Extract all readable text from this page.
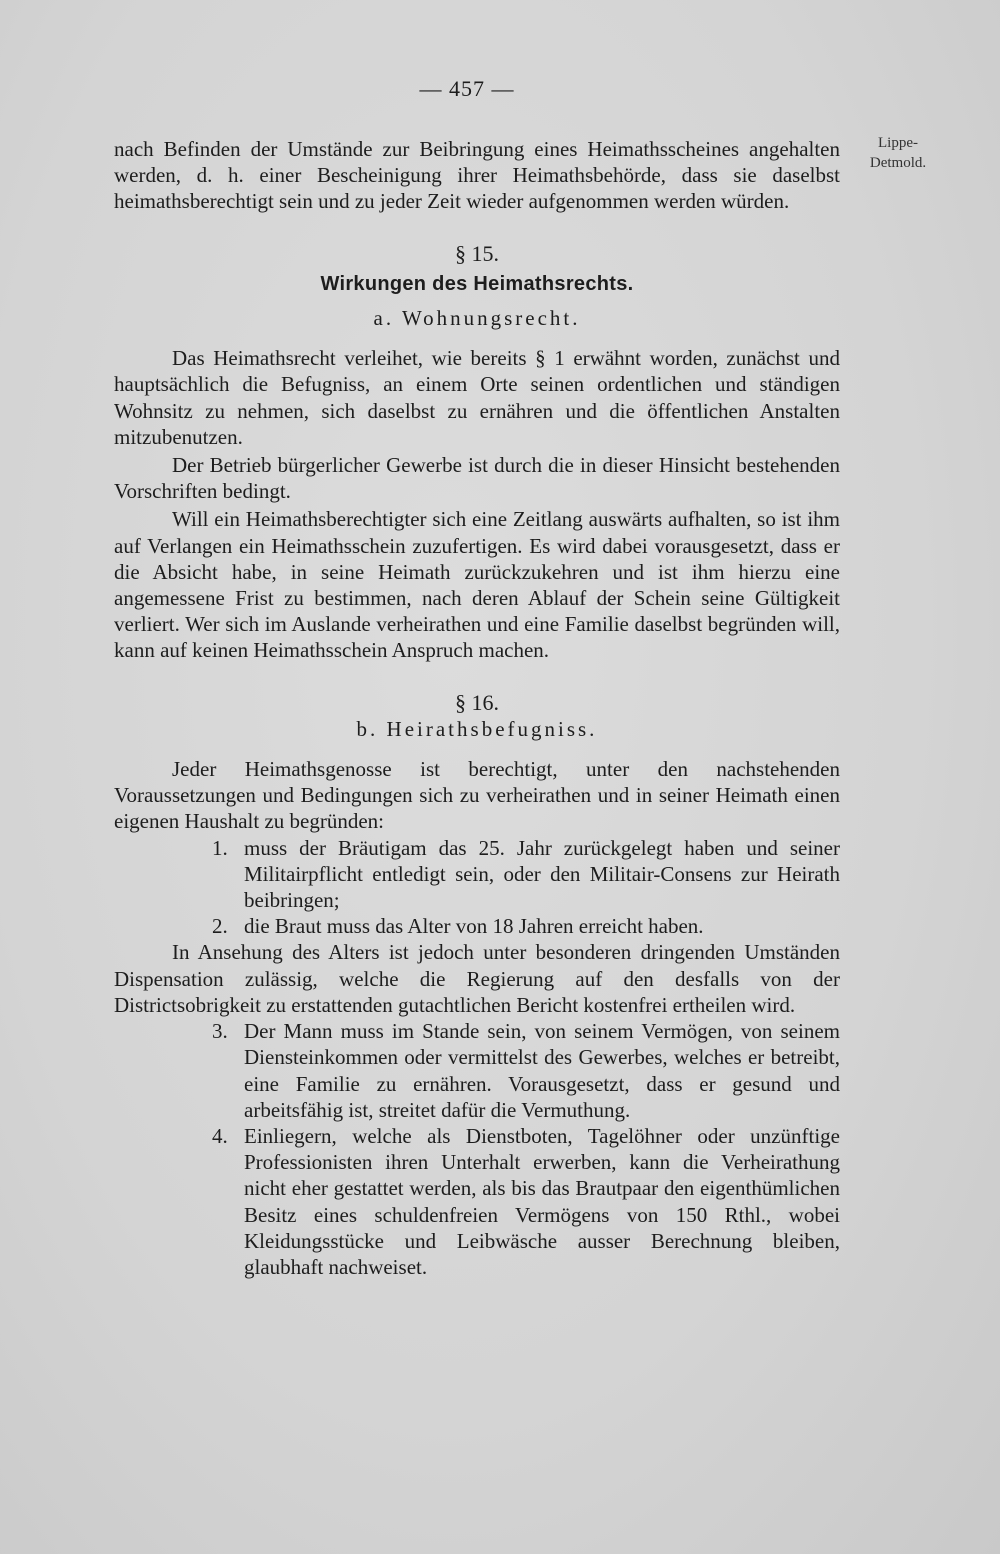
— 457 —
Lippe-
Detmold.

nach Befinden der Umstände zur Beibringung eines Heimathsscheines angehalten werden, d. h. einer Bescheinigung ihrer Heimathsbehörde, dass sie daselbst heimathsberechtigt sein und zu jeder Zeit wieder aufgenommen werden würden.

§ 15.

Wirkungen des Heimathsrechts.

a. Wohnungsrecht.

Das Heimathsrecht verleihet, wie bereits § 1 erwähnt worden, zunächst und hauptsächlich die Befugniss, an einem Orte seinen ordentlichen und ständigen Wohnsitz zu nehmen, sich daselbst zu ernähren und die öffentlichen Anstalten mitzubenutzen.

Der Betrieb bürgerlicher Gewerbe ist durch die in dieser Hinsicht bestehenden Vorschriften bedingt.

Will ein Heimathsberechtigter sich eine Zeitlang auswärts aufhalten, so ist ihm auf Verlangen ein Heimathsschein zuzufertigen. Es wird dabei vorausgesetzt, dass er die Absicht habe, in seine Heimath zurückzukehren und ist ihm hierzu eine angemessene Frist zu bestimmen, nach deren Ablauf der Schein seine Gültigkeit verliert. Wer sich im Auslande verheirathen und eine Familie daselbst begründen will, kann auf keinen Heimathsschein Anspruch machen.

§ 16.

b. Heirathsbefugniss.

Jeder Heimathsgenosse ist berechtigt, unter den nachstehenden Voraussetzungen und Bedingungen sich zu verheirathen und in seiner Heimath einen eigenen Haushalt zu begründen:

1. muss der Bräutigam das 25. Jahr zurückgelegt haben und seiner Militairpflicht entledigt sein, oder den Militair-Consens zur Heirath beibringen;

2. die Braut muss das Alter von 18 Jahren erreicht haben.

In Ansehung des Alters ist jedoch unter besonderen dringenden Umständen Dispensation zulässig, welche die Regierung auf den desfalls von der Districtsobrigkeit zu erstattenden gutachtlichen Bericht kostenfrei ertheilen wird.

3. Der Mann muss im Stande sein, von seinem Vermögen, von seinem Diensteinkommen oder vermittelst des Gewerbes, welches er betreibt, eine Familie zu ernähren. Vorausgesetzt, dass er gesund und arbeitsfähig ist, streitet dafür die Vermuthung.

4. Einliegern, welche als Dienstboten, Tagelöhner oder unzünftige Professionisten ihren Unterhalt erwerben, kann die Verheirathung nicht eher gestattet werden, als bis das Brautpaar den eigenthümlichen Besitz eines schuldenfreien Vermögens von 150 Rthl., wobei Kleidungsstücke und Leibwäsche ausser Berechnung bleiben, glaubhaft nachweiset.
